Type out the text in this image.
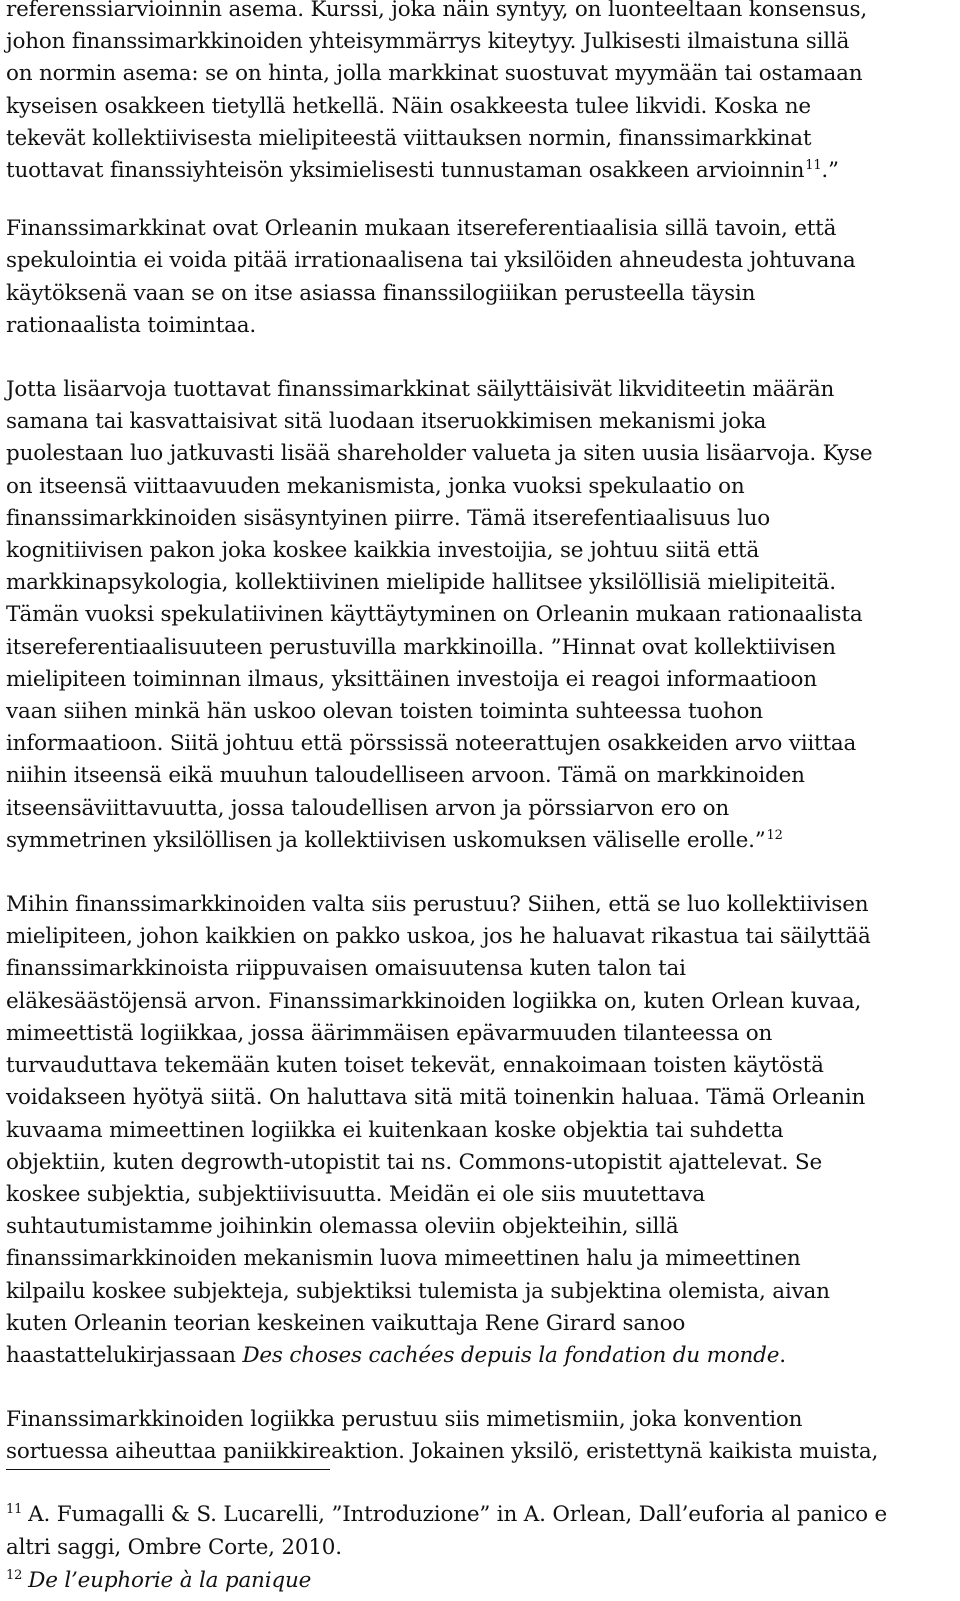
referenssiarvioinnin asema. Kurssi, joka näin syntyy, on luonteeltaan konsensus,
johon finanssimarkkinoiden yhteisymmärrys kiteytyy. Julkisesti ilmaistuna sillä
on normin asema: se on hinta, jolla markkinat suostuvat myymään tai ostamaan
kyseisen osakkeen tietyllä hetkellä. Näin osakkeesta tulee likvidi. Koska ne
tekevät kollektiivisesta mielipiteestä viittauksen normin, finanssimarkkinat
tuottavat finanssiyhteisön yksimielisesti tunnustaman osakkeen arvioinnin$^{11}$.”

Finanssimarkkinat ovat Orleanin mukaan itsereferentiaalisia sillä tavoin, että
spekulointia ei voida pitää irrationaalisena tai yksilöiden ahneudesta johtuvana
käytöksenä vaan se on itse asiassa finanssilogiiikan perusteella täysin
rationaalista toimintaa.

Jotta lisäarvoja tuottavat finanssimarkkinat säilyttäisivät likviditeetin määrän
samana tai kasvattaisivat sitä luodaan itseruokkimisen mekanismi joka
puolestaan luo jatkuvasti lisää shareholder valueta ja siten uusia lisäarvoja. Kyse
on itseensä viittaavuuden mekanismista, jonka vuoksi spekulaatio on
finanssimarkkinoiden sisäsyntyinen piirre. Tämä itserefentiaalisuus luo
kognitiivisen pakon joka koskee kaikkia investoijia, se johtuu siitä että
markkinapsykologia, kollektiivinen mielipide hallitsee yksilöllisiä mielipiteitä.
Tämän vuoksi spekulatiivinen käyttäytyminen on Orleanin mukaan rationaalista
itsereferentiaalisuuteen perustuvilla markkinoilla. ”Hinnat ovat kollektiivisen
mielipiteen toiminnan ilmaus, yksittäinen investoija ei reagoi informaatioon
vaan siihen minkä hän uskoo olevan toisten toiminta suhteessa tuohon
informaatioon. Siitä johtuu että pörssissä noteerattujen osakkeiden arvo viittaa
niihin itseensä eikä muuhun taloudelliseen arvoon. Tämä on markkinoiden
itseensäviittavuutta, jossa taloudellisen arvon ja pörssiarvon ero on
symmetrinen yksilöllisen ja kollektiivisen uskomuksen väliselle erolle.”$^{12}$

Mihin finanssimarkkinoiden valta siis perustuu? Siihen, että se luo kollektiivisen
mielipiteen, johon kaikkien on pakko uskoa, jos he haluavat rikastua tai säilyttää
finanssimarkkinoista riippuvaisen omaisuutensa kuten talon tai
eläkesäästöjensä arvon. Finanssimarkkinoiden logiikka on, kuten Orlean kuvaa,
mimeettistä logiikkaa, jossa äärimmäisen epävarmuuden tilanteessa on
turvauduttava tekemään kuten toiset tekevät, ennakoimaan toisten käytöstä
voidakseen hyötyä siitä. On haluttava sitä mitä toinenkin haluaa. Tämä Orleanin
kuvaama mimeettinen logiikka ei kuitenkaan koske objektia tai suhdetta
objektiin, kuten degrowth-utopistit tai ns. Commons-utopistit ajattelevat. Se
koskee subjektia, subjektiivisuutta. Meidän ei ole siis muutettava
suhtautumistamme joihinkin olemassa oleviin objekteihin, sillä
finanssimarkkinoiden mekanismin luova mimeettinen halu ja mimeettinen
kilpailu koskee subjekteja, subjektiksi tulemista ja subjektina olemista, aivan
kuten Orleanin teorian keskeinen vaikuttaja Rene Girard sanoo
haastattelukirjassaan Des choses cachées depuis la fondation du monde.

Finanssimarkkinoiden logiikka perustuu siis mimetismiin, joka konvention
sortuessa aiheuttaa paniikkireaktion. Jokainen yksilö, eristettynä kaikista muista,

$^{11}$ A. Fumagalli & S. Lucarelli, ”Introduzione” in A. Orlean, Dall’euforia al panico e
altri saggi, Ombre Corte, 2010.
$^{12}$ De l’euphorie à la panique
